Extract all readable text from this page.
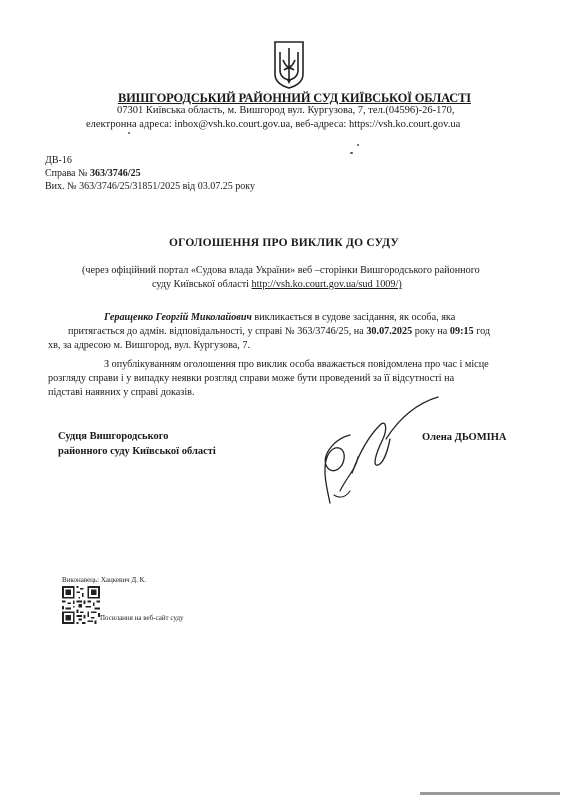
ВИШГОРОДСЬКИЙ РАЙОННИЙ СУД КИЇВСЬКОЇ ОБЛАСТІ
07301 Київська область, м. Вишгород вул. Кургузова, 7, тел.(04596)-26-170,
електронна адреса: inbox@vsh.ko.court.gov.ua, веб-адреса: https://vsh.ko.court.gov.ua
ДВ-16
Справа № 363/3746/25
Вих. № 363/3746/25/31851/2025 від 03.07.25 року
ОГОЛОШЕННЯ ПРО ВИКЛИК ДО СУДУ
(через офіційний портал «Судова влада України» веб –сторінки Вишгородського районного
суду Київської області http://vsh.ko.court.gov.ua/sud 1009/)
Геращенко Георгій Миколайович викликається в судове засідання, як особа, яка
притягається до адмін. відповідальності, у справі № 363/3746/25, на 30.07.2025 року на 09:15 год
хв, за адресою м. Вишгород, вул. Кургузова, 7.
З опублікуванням оголошення про виклик особа вважається повідомлена про час і місце
розгляду справи і у випадку неявки розгляд справи може бути проведений за її відсутності на
підставі наявних у справі доказів.
Судця Вишгородського
районного суду Київської області
Олена ДЬОМІНА
Виконавець: Хацкевич Д. К.
Посилання на веб-сайт суду
